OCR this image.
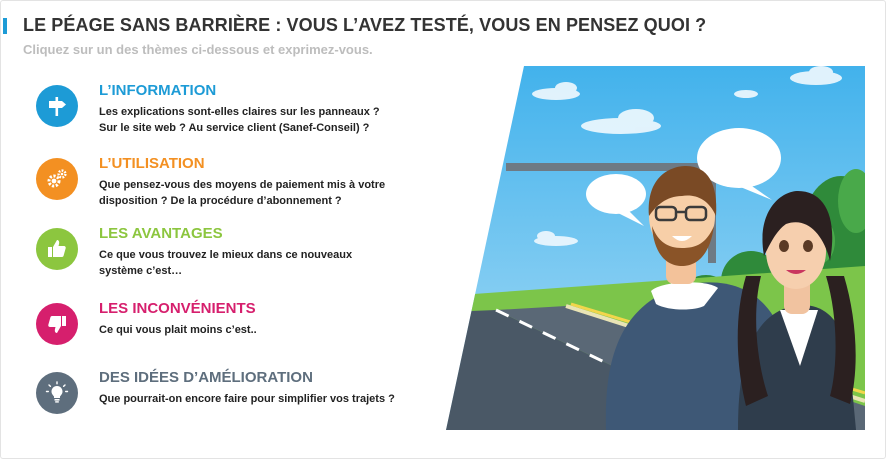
LE PÉAGE SANS BARRIÈRE : VOUS L’AVEZ TESTÉ, VOUS EN PENSEZ QUOI ?

Cliquez sur un des thèmes ci-dessous et exprimez-vous.

L’INFORMATION

Les explications sont-elles claires sur les panneaux ?
Sur le site web ? Au service client (Sanef-Conseil) ?

L’UTILISATION

Que pensez-vous des moyens de paiement mis à votre
disposition ? De la procédure d’abonnement ?

LES AVANTAGES

Ce que vous trouvez le mieux dans ce nouveaux
système c’est…

LES INCONVÉNIENTS

Ce qui vous plait moins c’est..

DES IDÉES D’AMÉLIORATION

Que pourrait-on encore faire pour simplifier vos trajets ?
